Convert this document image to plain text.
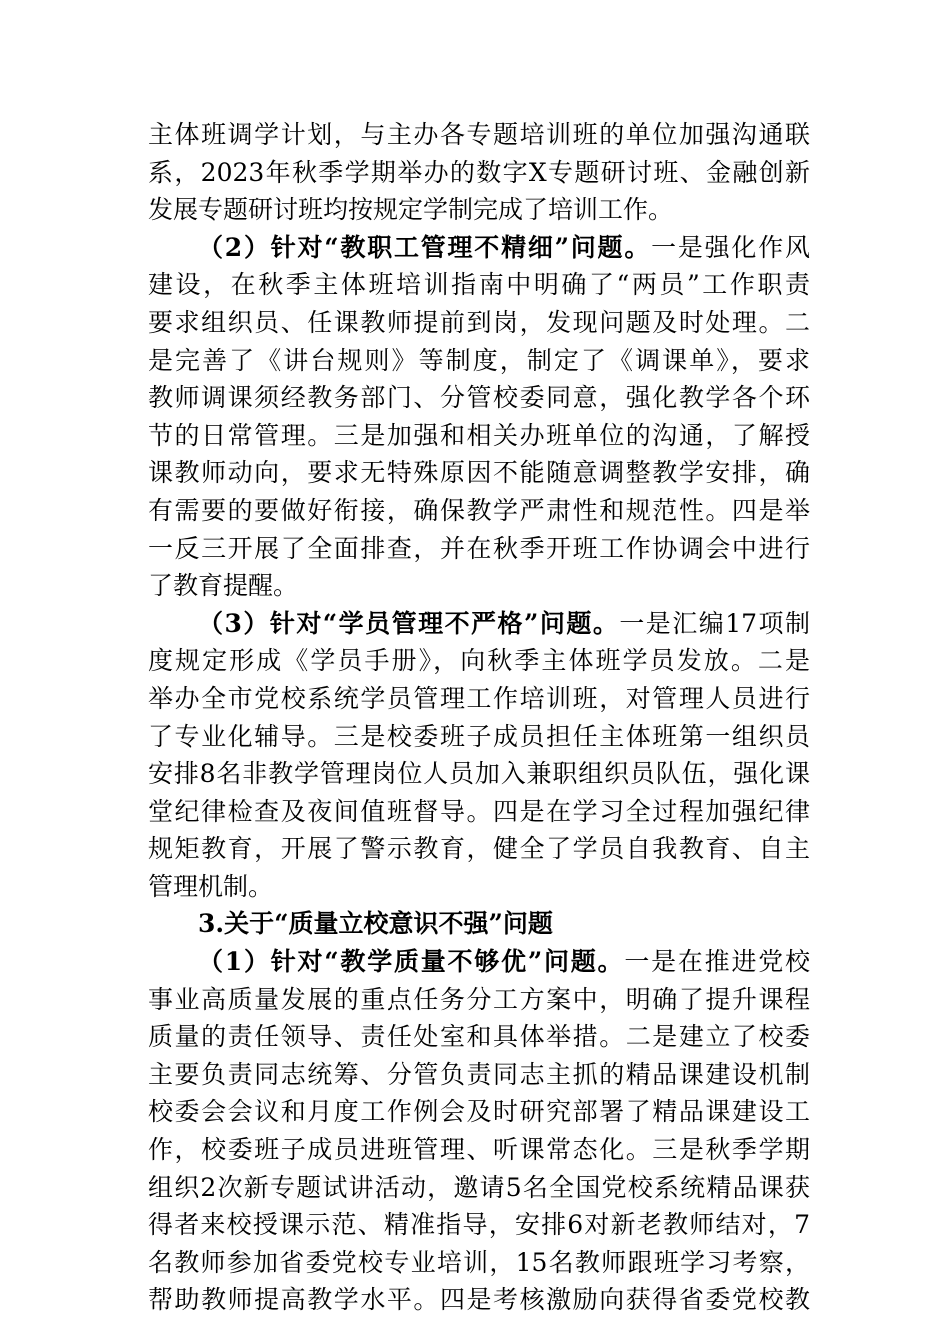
主体班调学计划，与主办各专题培训班的单位加强沟通联
系，2023年秋季学期举办的数字X专题研讨班、金融创新
发展专题研讨班均按规定学制完成了培训工作。
（2）针对“教职工管理不精细”问题。一是强化作风
建设，在秋季主体班培训指南中明确了“两员”工作职责
要求组织员、任课教师提前到岗，发现问题及时处理。二
是完善了《讲台规则》等制度，制定了《调课单》，要求
教师调课须经教务部门、分管校委同意，强化教学各个环
节的日常管理。三是加强和相关办班单位的沟通，了解授
课教师动向，要求无特殊原因不能随意调整教学安排，确
有需要的要做好衔接，确保教学严肃性和规范性。四是举
一反三开展了全面排查，并在秋季开班工作协调会中进行
了教育提醒。
（3）针对“学员管理不严格”问题。一是汇编17项制
度规定形成《学员手册》，向秋季主体班学员发放。二是
举办全市党校系统学员管理工作培训班，对管理人员进行
了专业化辅导。三是校委班子成员担任主体班第一组织员
安排8名非教学管理岗位人员加入兼职组织员队伍，强化课
堂纪律检查及夜间值班督导。四是在学习全过程加强纪律
规矩教育，开展了警示教育，健全了学员自我教育、自主
管理机制。
3.关于“质量立校意识不强”问题
（1）针对“教学质量不够优”问题。一是在推进党校
事业高质量发展的重点任务分工方案中，明确了提升课程
质量的责任领导、责任处室和具体举措。二是建立了校委
主要负责同志统筹、分管负责同志主抓的精品课建设机制
校委会会议和月度工作例会及时研究部署了精品课建设工
作，校委班子成员进班管理、听课常态化。三是秋季学期
组织2次新专题试讲活动，邀请5名全国党校系统精品课获
得者来校授课示范、精准指导，安排6对新老教师结对，7
名教师参加省委党校专业培训，15名教师跟班学习考察，
帮助教师提高教学水平。四是考核激励向获得省委党校教
